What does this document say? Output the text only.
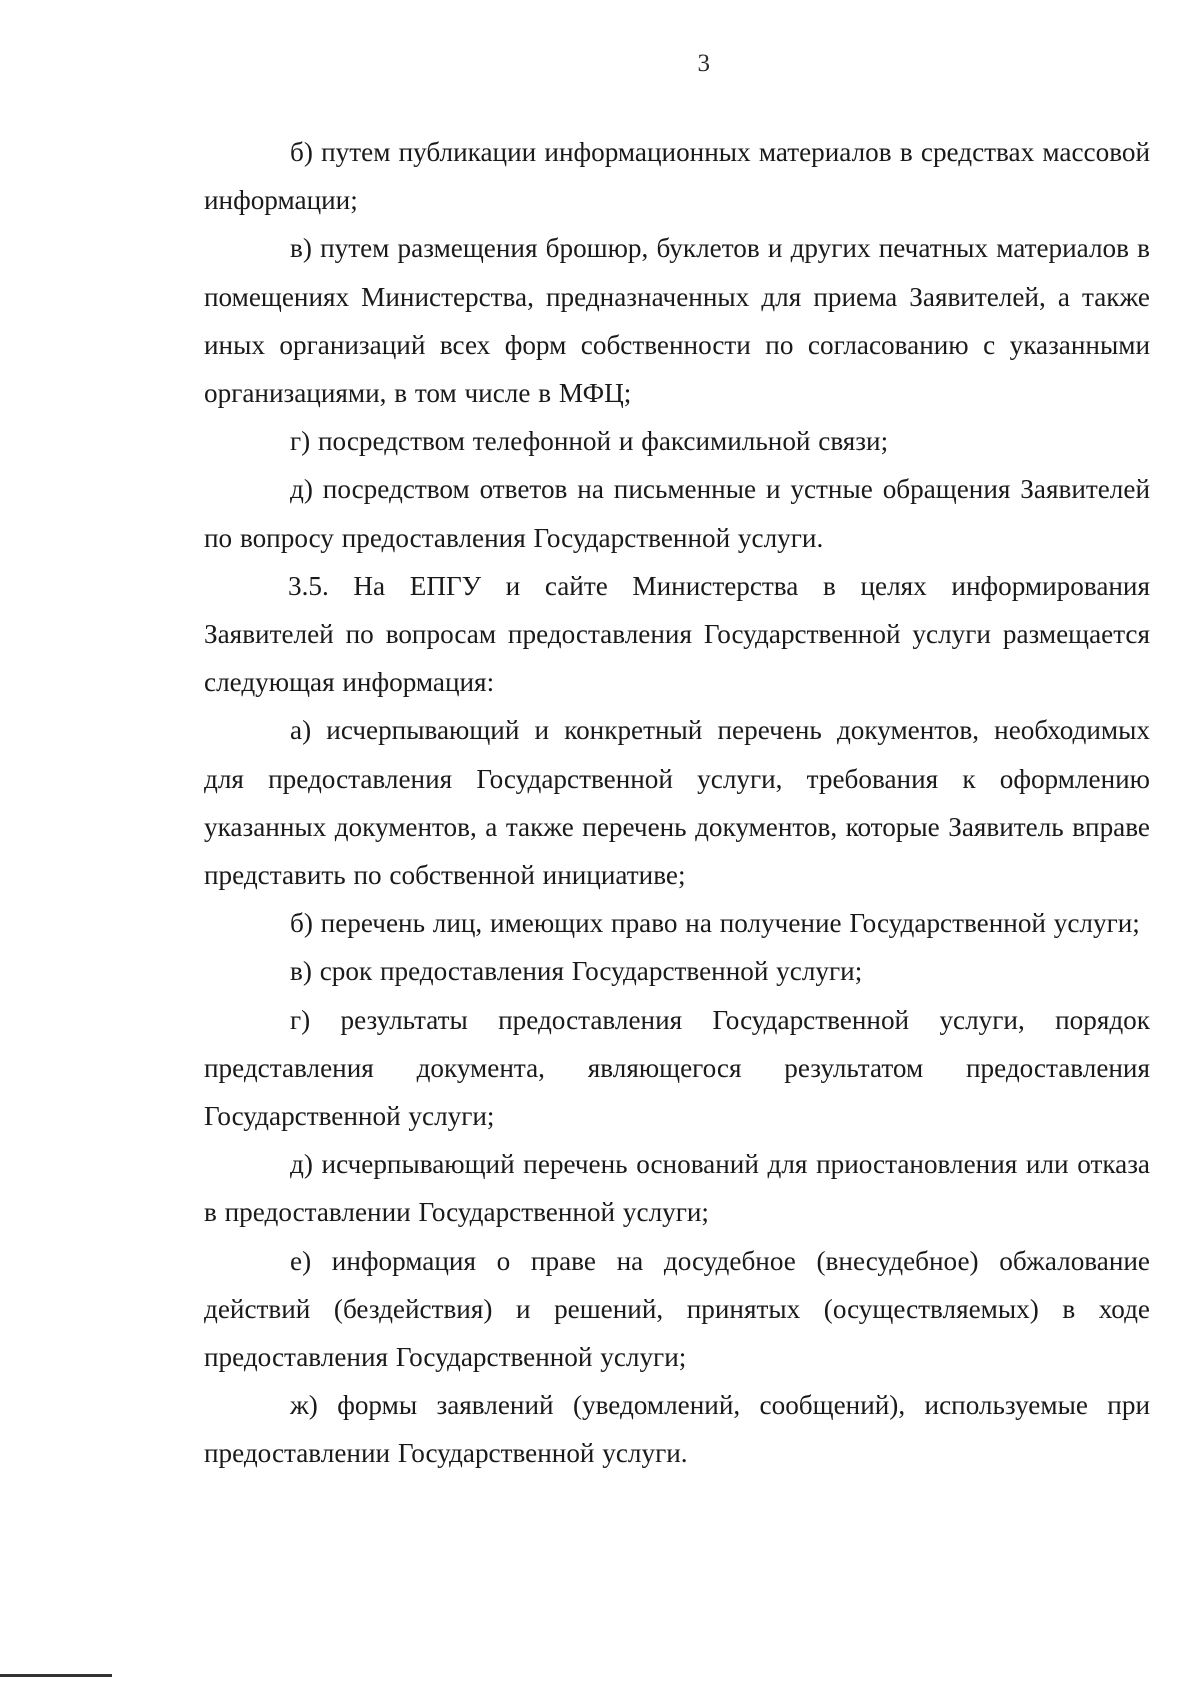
3

б) путем публикации информационных материалов в средствах массовой информации;

в) путем размещения брошюр, буклетов и других печатных материалов в помещениях Министерства, предназначенных для приема Заявителей, а также иных организаций всех форм собственности по согласованию с указанными организациями, в том числе в МФЦ;

г) посредством телефонной и факсимильной связи;

д) посредством ответов на письменные и устные обращения Заявителей по вопросу предоставления Государственной услуги.

3.5. На ЕПГУ и сайте Министерства в целях информирования Заявителей по вопросам предоставления Государственной услуги размещается следующая информация:

а) исчерпывающий и конкретный перечень документов, необходимых для предоставления Государственной услуги, требования к оформлению указанных документов, а также перечень документов, которые Заявитель вправе представить по собственной инициативе;

б) перечень лиц, имеющих право на получение Государственной услуги;

в) срок предоставления Государственной услуги;

г) результаты предоставления Государственной услуги, порядок представления документа, являющегося результатом предоставления Государственной услуги;

д) исчерпывающий перечень оснований для приостановления или отказа в предоставлении Государственной услуги;

е) информация о праве на досудебное (внесудебное) обжалование действий (бездействия) и решений, принятых (осуществляемых) в ходе предоставления Государственной услуги;

ж) формы заявлений (уведомлений, сообщений), используемые при предоставлении Государственной услуги.
